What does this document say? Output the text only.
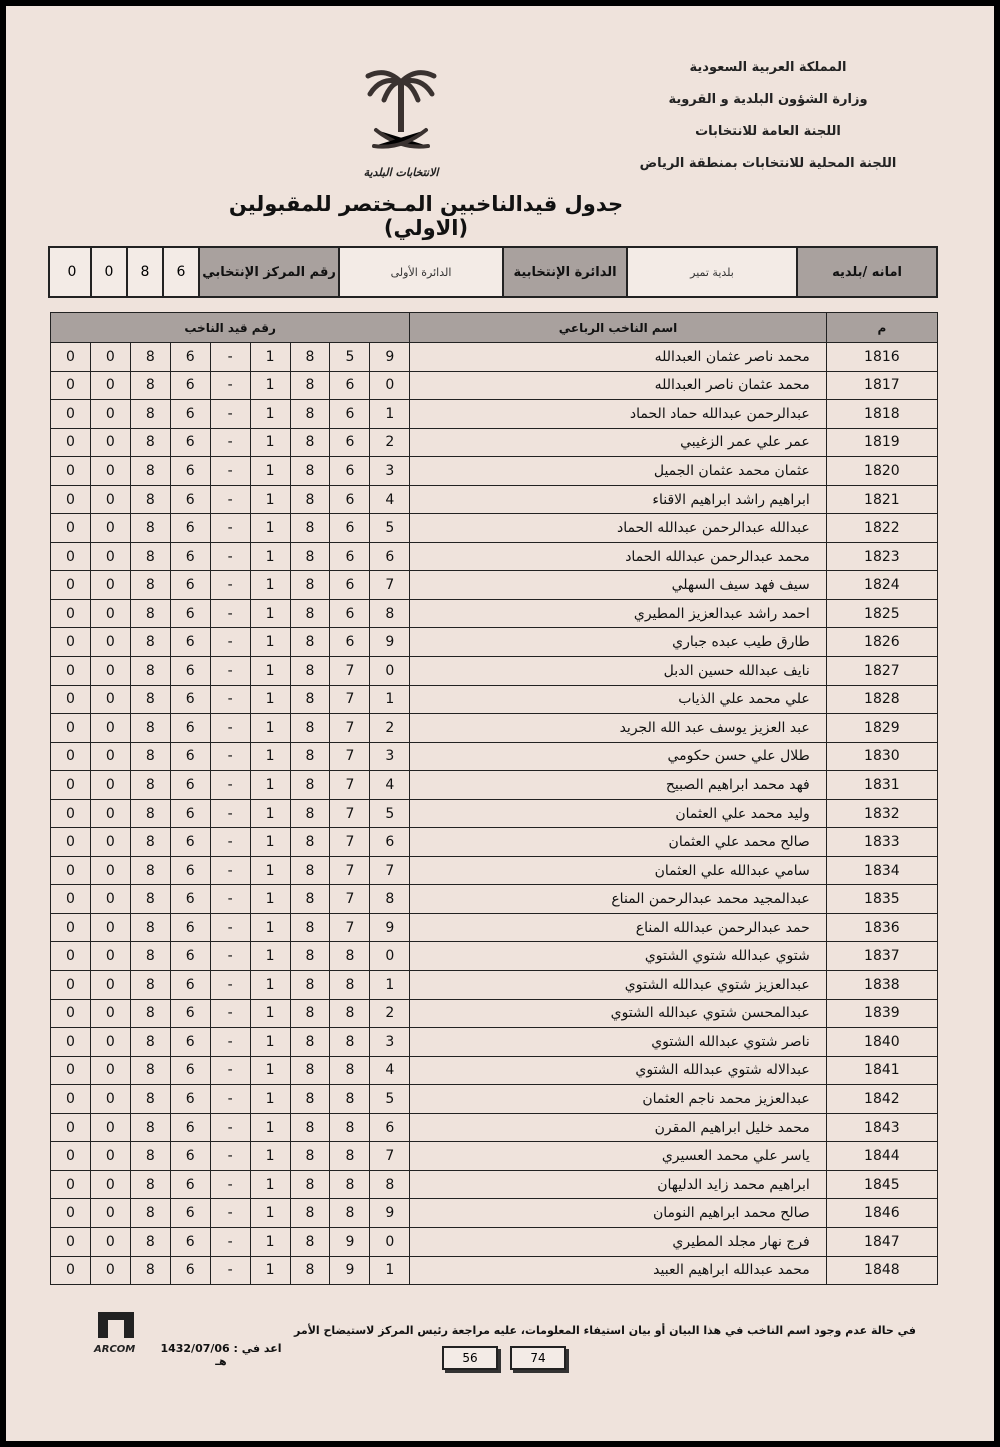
المملكة العربية السعودية
وزارة الشؤون البلدية و القروية
اللجنة العامة للانتخابات
اللجنة المحلية للانتخابات بمنطقة الرياض
الانتخابات البلدية
جدول قيدالناخبين المـختصر للمقبولين (الاولي)
امانه /بلديه
بلدية تمير
الدائرة الإنتخابية
الدائرة الأولى
رقم المركز الإنتخابي
6
8
0
0
رقم قيد الناخب									اسم الناخب الرباعي	م
0	0	8	6	-	1	8	5	9	محمد ناصر عثمان العبدالله	1816
0	0	8	6	-	1	8	6	0	محمد عثمان ناصر العبدالله	1817
0	0	8	6	-	1	8	6	1	عبدالرحمن عبدالله حماد الحماد	1818
0	0	8	6	-	1	8	6	2	عمر علي عمر الزغيبي	1819
0	0	8	6	-	1	8	6	3	عثمان محمد عثمان الجميل	1820
0	0	8	6	-	1	8	6	4	ابراهيم راشد ابراهيم الاقناء	1821
0	0	8	6	-	1	8	6	5	عبدالله عبدالرحمن عبدالله الحماد	1822
0	0	8	6	-	1	8	6	6	محمد عبدالرحمن عبدالله الحماد	1823
0	0	8	6	-	1	8	6	7	سيف فهد سيف السهلي	1824
0	0	8	6	-	1	8	6	8	احمد راشد عبدالعزيز المطيري	1825
0	0	8	6	-	1	8	6	9	طارق طيب عبده جباري	1826
0	0	8	6	-	1	8	7	0	نايف عبدالله حسين الدبل	1827
0	0	8	6	-	1	8	7	1	علي محمد علي الذياب	1828
0	0	8	6	-	1	8	7	2	عبد العزيز يوسف عبد الله الجريد	1829
0	0	8	6	-	1	8	7	3	طلال علي حسن حكومي	1830
0	0	8	6	-	1	8	7	4	فهد محمد ابراهيم الصبيح	1831
0	0	8	6	-	1	8	7	5	وليد محمد علي العثمان	1832
0	0	8	6	-	1	8	7	6	صالح محمد علي العثمان	1833
0	0	8	6	-	1	8	7	7	سامي عبدالله علي العثمان	1834
0	0	8	6	-	1	8	7	8	عبدالمجيد محمد عبدالرحمن المناع	1835
0	0	8	6	-	1	8	7	9	حمد عبدالرحمن عبدالله المناع	1836
0	0	8	6	-	1	8	8	0	شتوي عبدالله شتوي الشتوي	1837
0	0	8	6	-	1	8	8	1	عبدالعزيز شتوي عبدالله الشتوي	1838
0	0	8	6	-	1	8	8	2	عبدالمحسن شتوي عبدالله الشتوي	1839
0	0	8	6	-	1	8	8	3	ناصر شتوي عبدالله الشتوي	1840
0	0	8	6	-	1	8	8	4	عبدالاله شتوي عبدالله الشتوي	1841
0	0	8	6	-	1	8	8	5	عبدالعزيز محمد ناجم العثمان	1842
0	0	8	6	-	1	8	8	6	محمد خليل ابراهيم المقرن	1843
0	0	8	6	-	1	8	8	7	ياسر علي محمد العسيري	1844
0	0	8	6	-	1	8	8	8	ابراهيم محمد زايد الدليهان	1845
0	0	8	6	-	1	8	8	9	صالح محمد ابراهيم النومان	1846
0	0	8	6	-	1	8	9	0	فرج نهار مجلد المطيري	1847
0	0	8	6	-	1	8	9	1	محمد عبدالله ابراهيم العبيد	1848
في حالة عدم وجود اسم الناخب في هذا البيان أو بيان استيفاء المعلومات، عليه مراجعة رئيس المركز لاستيضاح الأمر
اعد في : 1432/07/06 هـ	56	74
ARCOM
